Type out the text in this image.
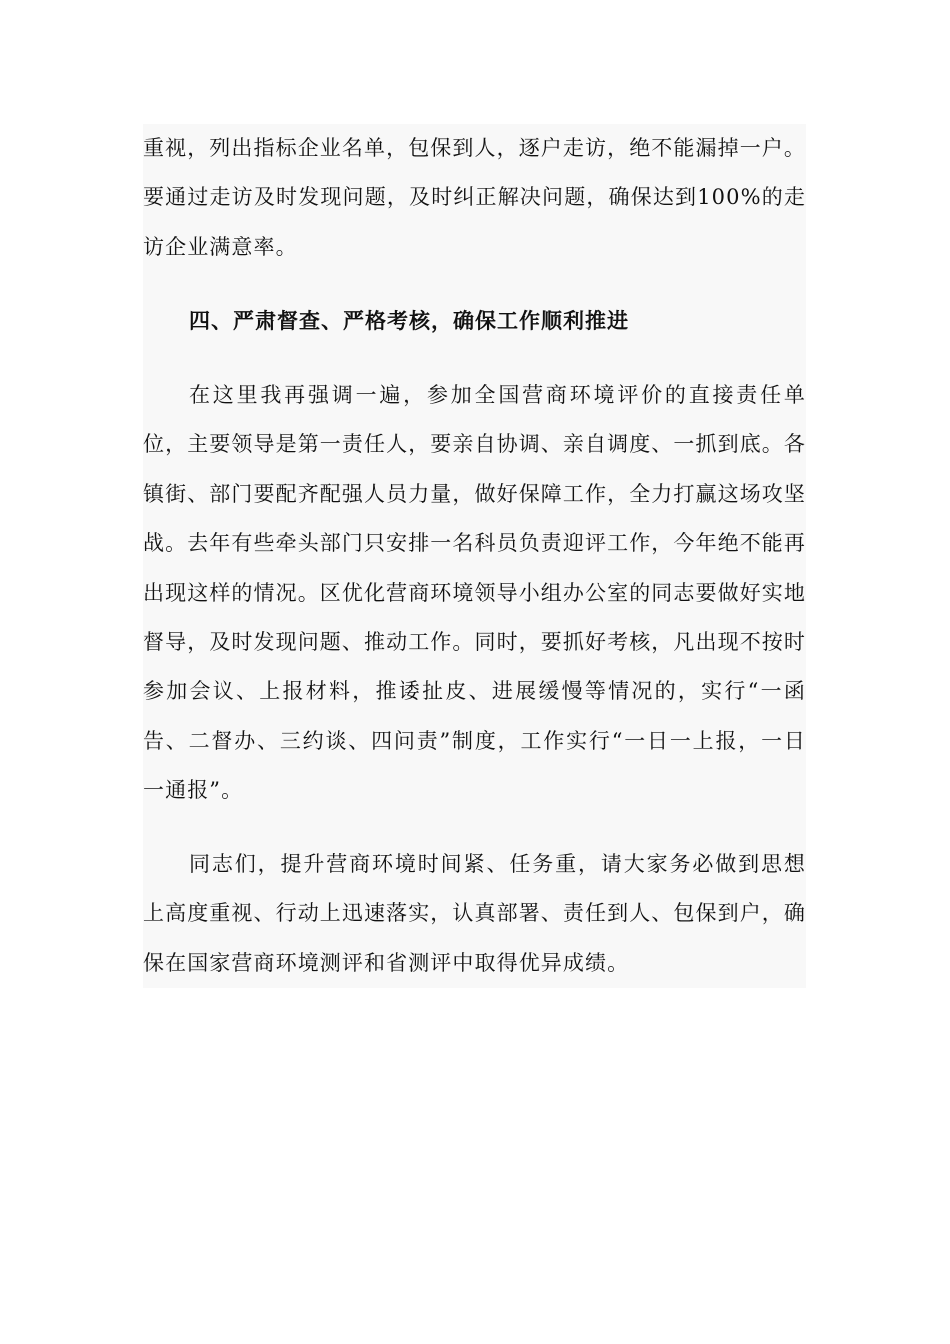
重视，列出指标企业名单，包保到人，逐户走访，绝不能漏掉一户。要通过走访及时发现问题，及时纠正解决问题，确保达到100%的走访企业满意率。

四、严肃督查、严格考核，确保工作顺利推进

在这里我再强调一遍，参加全国营商环境评价的直接责任单位，主要领导是第一责任人，要亲自协调、亲自调度、一抓到底。各镇街、部门要配齐配强人员力量，做好保障工作，全力打赢这场攻坚战。去年有些牵头部门只安排一名科员负责迎评工作，今年绝不能再出现这样的情况。区优化营商环境领导小组办公室的同志要做好实地督导，及时发现问题、推动工作。同时，要抓好考核，凡出现不按时参加会议、上报材料，推诿扯皮、进展缓慢等情况的，实行“一函告、二督办、三约谈、四问责”制度，工作实行“一日一上报，一日一通报”。

同志们，提升营商环境时间紧、任务重，请大家务必做到思想上高度重视、行动上迅速落实，认真部署、责任到人、包保到户，确保在国家营商环境测评和省测评中取得优异成绩。
